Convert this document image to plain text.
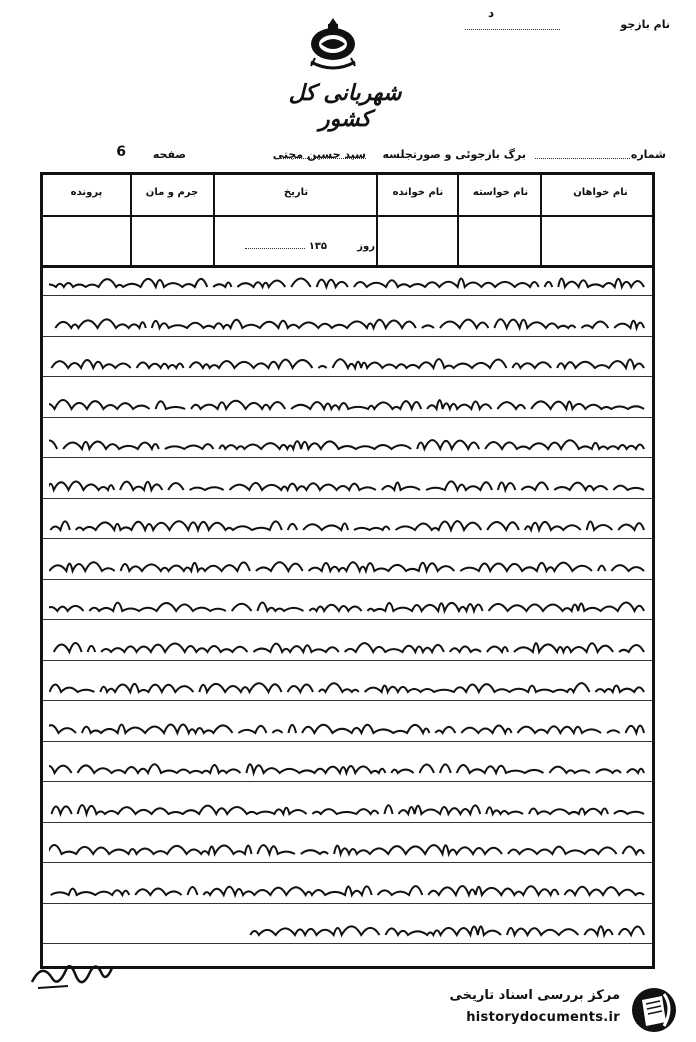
نام بازجو
د
شهربانی کل کشور
شماره
برگ بازجوئی و صورتجلسه
سید حسین مجتی
صفحه
6
نام خواهان
نام خواسته
نام خوانده
تاریخ
جرم و مان
پرونده
روز
۱۳۵
مرکز بررسی اسناد تاریخی
historydocuments.ir
